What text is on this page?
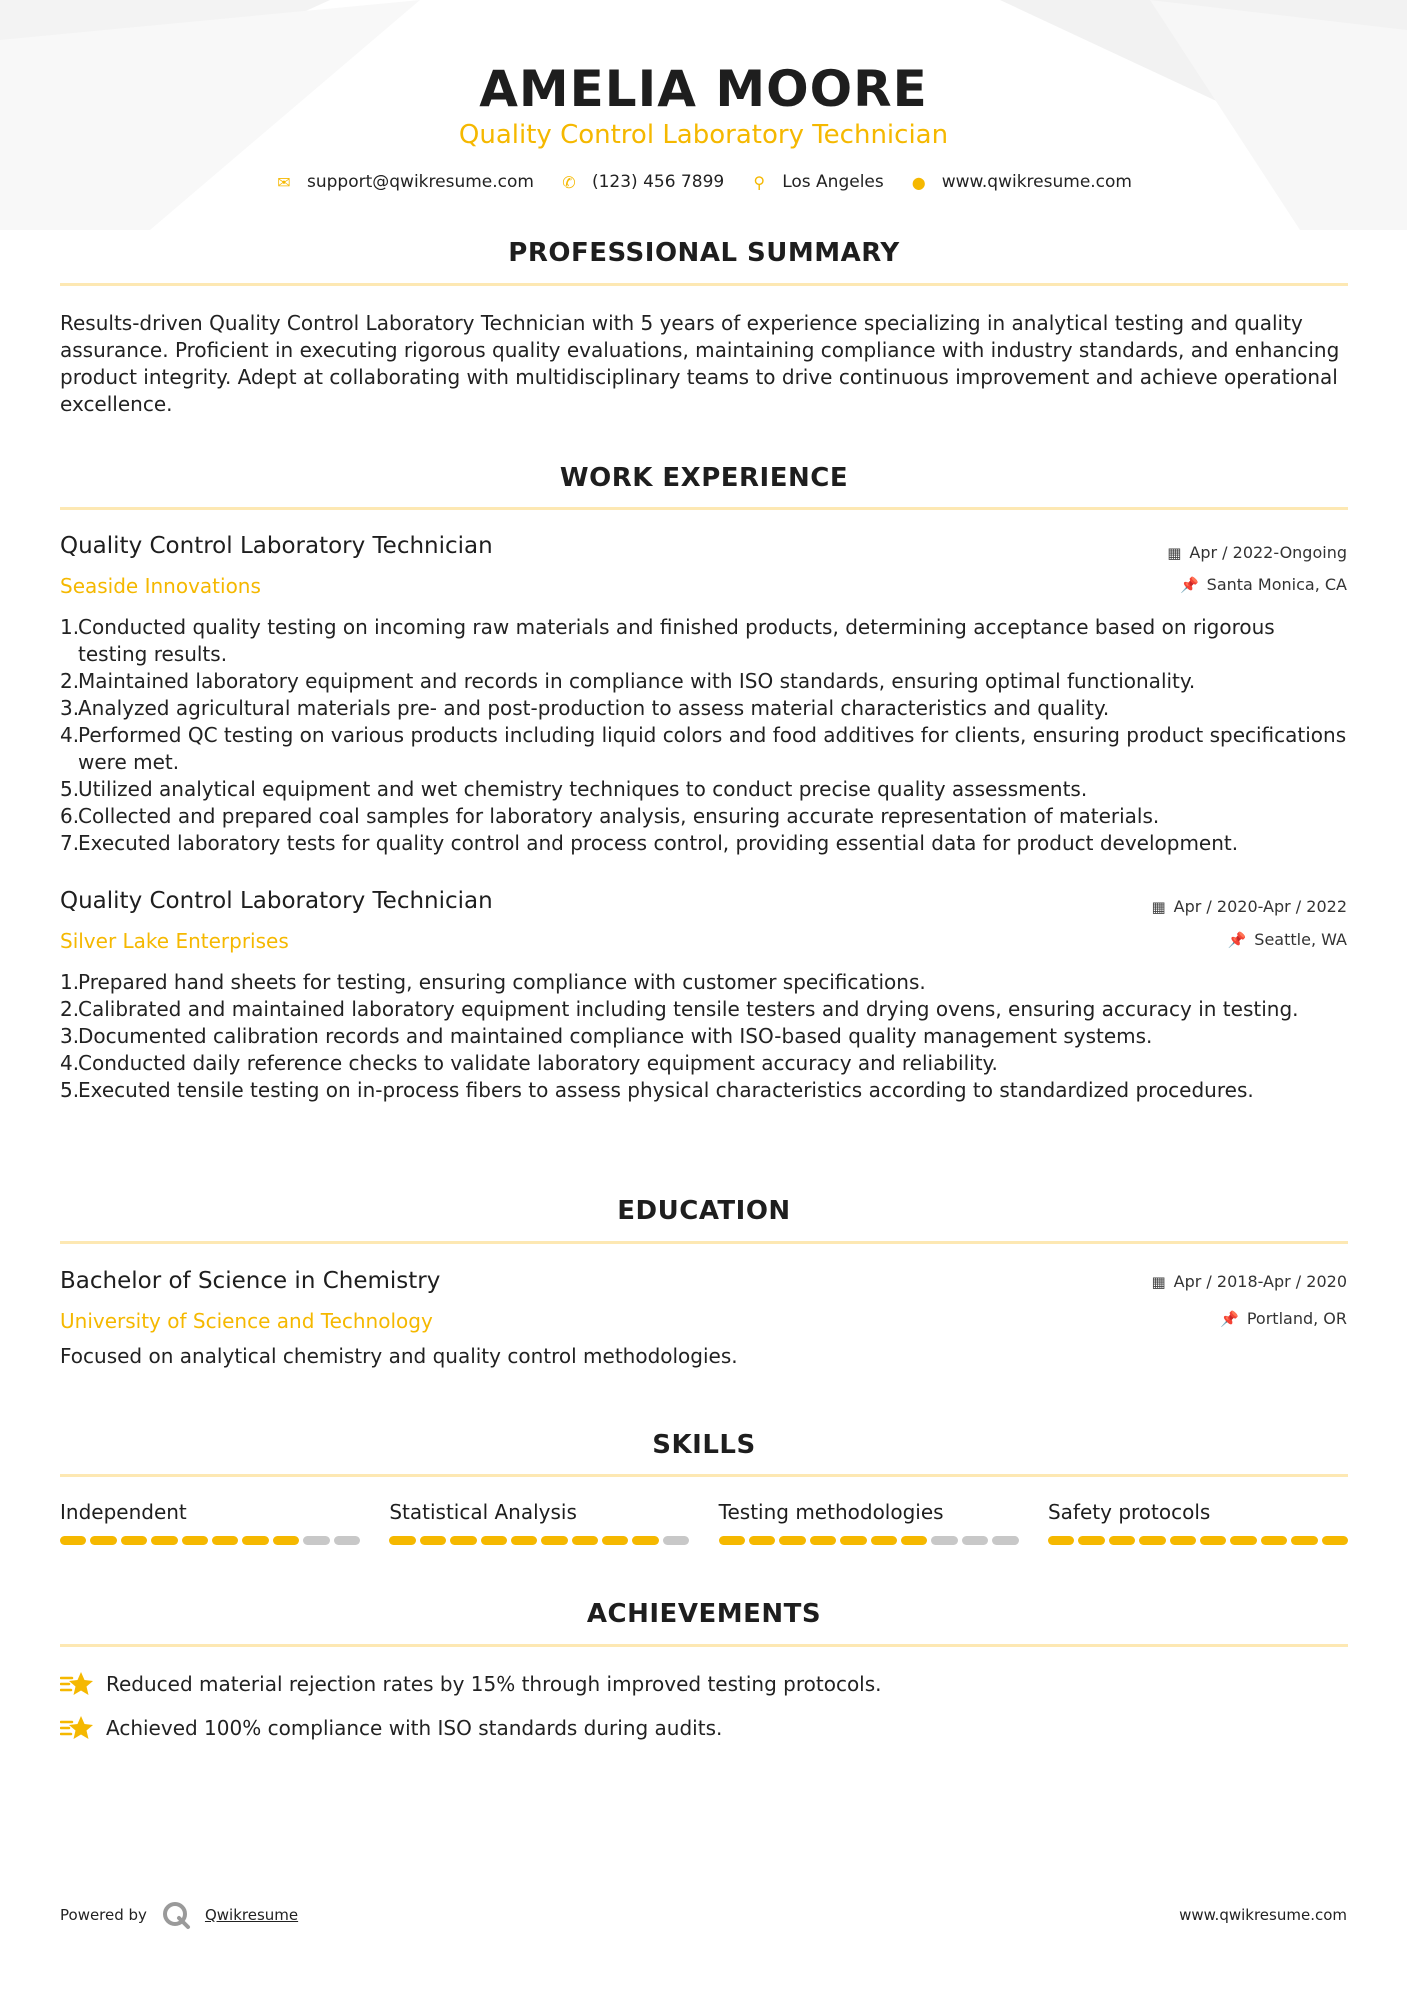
AMELIA MOORE
Quality Control Laboratory Technician
✉ support@qwikresume.com ✆ (123) 456 7899 ⚲ Los Angeles ● www.qwikresume.com
PROFESSIONAL SUMMARY
Results-driven Quality Control Laboratory Technician with 5 years of experience specializing in analytical testing and quality assurance. Proficient in executing rigorous quality evaluations, maintaining compliance with industry standards, and enhancing product integrity. Adept at collaborating with multidisciplinary teams to drive continuous improvement and achieve operational excellence.
WORK EXPERIENCE
Quality Control Laboratory Technician
Seaside Innovations
▦ Apr / 2022-Ongoing
📌 Santa Monica, CA
1.
Conducted quality testing on incoming raw materials and finished products, determining acceptance based on rigorous testing results.
2.
Maintained laboratory equipment and records in compliance with ISO standards, ensuring optimal functionality.
3.
Analyzed agricultural materials pre- and post-production to assess material characteristics and quality.
4.
Performed QC testing on various products including liquid colors and food additives for clients, ensuring product specifications were met.
5.
Utilized analytical equipment and wet chemistry techniques to conduct precise quality assessments.
6.
Collected and prepared coal samples for laboratory analysis, ensuring accurate representation of materials.
7.
Executed laboratory tests for quality control and process control, providing essential data for product development.
Quality Control Laboratory Technician
Silver Lake Enterprises
▦ Apr / 2020-Apr / 2022
📌 Seattle, WA
1.
Prepared hand sheets for testing, ensuring compliance with customer specifications.
2.
Calibrated and maintained laboratory equipment including tensile testers and drying ovens, ensuring accuracy in testing.
3.
Documented calibration records and maintained compliance with ISO-based quality management systems.
4.
Conducted daily reference checks to validate laboratory equipment accuracy and reliability.
5.
Executed tensile testing on in-process fibers to assess physical characteristics according to standardized procedures.
EDUCATION
Bachelor of Science in Chemistry
University of Science and Technology
▦ Apr / 2018-Apr / 2020
📌 Portland, OR
Focused on analytical chemistry and quality control methodologies.
SKILLS
Independent	Statistical Analysis	Testing methodologies	Safety protocols
ACHIEVEMENTS
Reduced material rejection rates by 15% through improved testing protocols.
Achieved 100% compliance with ISO standards during audits.
Powered by	Qwikresume	www.qwikresume.com
